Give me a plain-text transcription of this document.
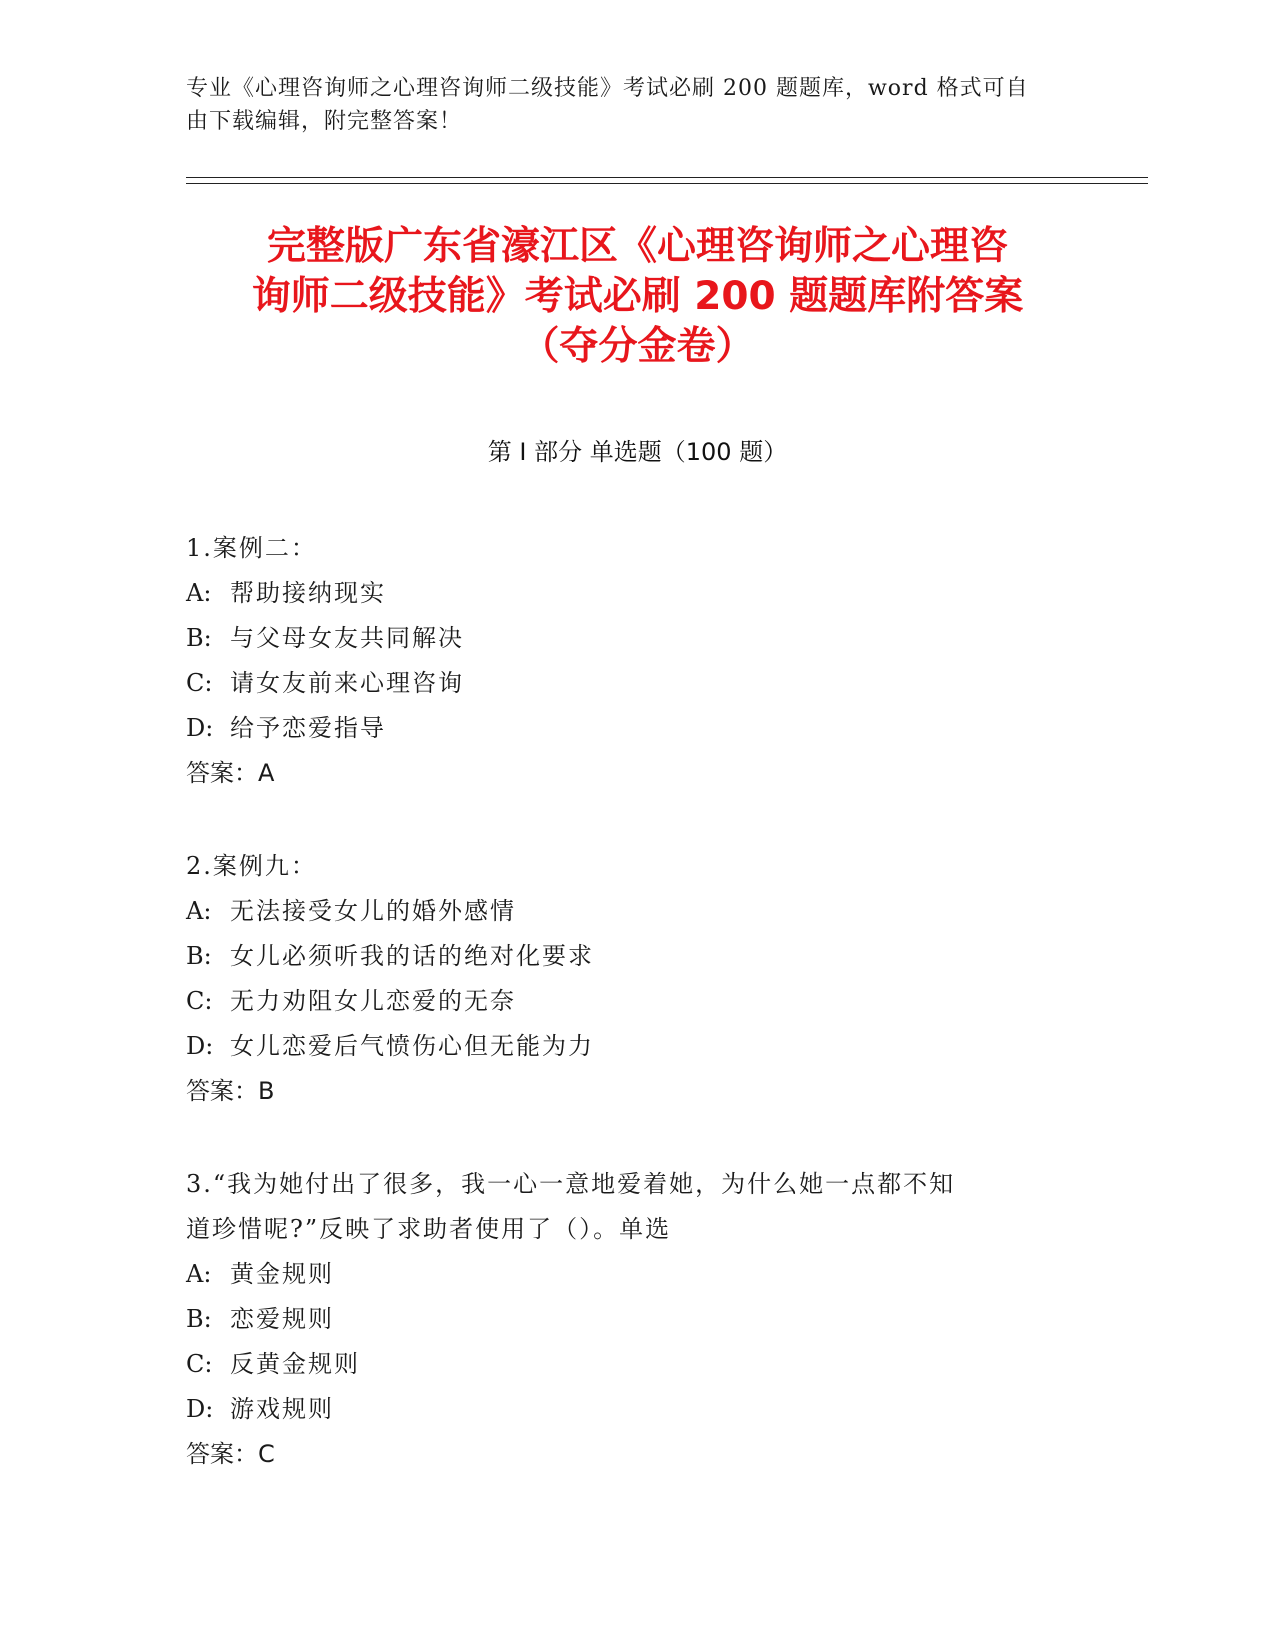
专业《心理咨询师之心理咨询师二级技能》考试必刷 200 题题库，word 格式可自
由下载编辑，附完整答案！
完整版广东省濠江区《心理咨询师之心理咨
询师二级技能》考试必刷 200 题题库附答案
（夺分金卷）
第 I 部分 单选题（100 题）
1.案例二：
A: 帮助接纳现实
B: 与父母女友共同解决
C: 请女友前来心理咨询
D: 给予恋爱指导
答案：A
2.案例九：
A: 无法接受女儿的婚外感情
B: 女儿必须听我的话的绝对化要求
C: 无力劝阻女儿恋爱的无奈
D: 女儿恋爱后气愤伤心但无能为力
答案：B
3.“我为她付出了很多，我一心一意地爱着她，为什么她一点都不知
道珍惜呢?”反映了求助者使用了（）。单选
A: 黄金规则
B: 恋爱规则
C: 反黄金规则
D: 游戏规则
答案：C
